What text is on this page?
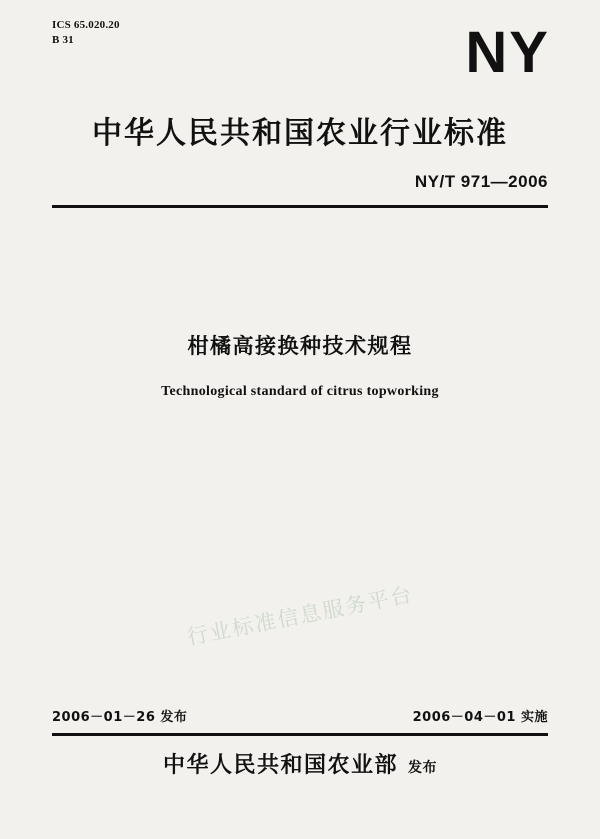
ICS 65.020.20
B 31	NY
中华人民共和国农业行业标准
NY/T 971—2006
柑橘高接换种技术规程
Technological standard of citrus topworking
行业标准信息服务平台
2006－01－26 发布	2006－04－01 实施
中华人民共和国农业部 发布
